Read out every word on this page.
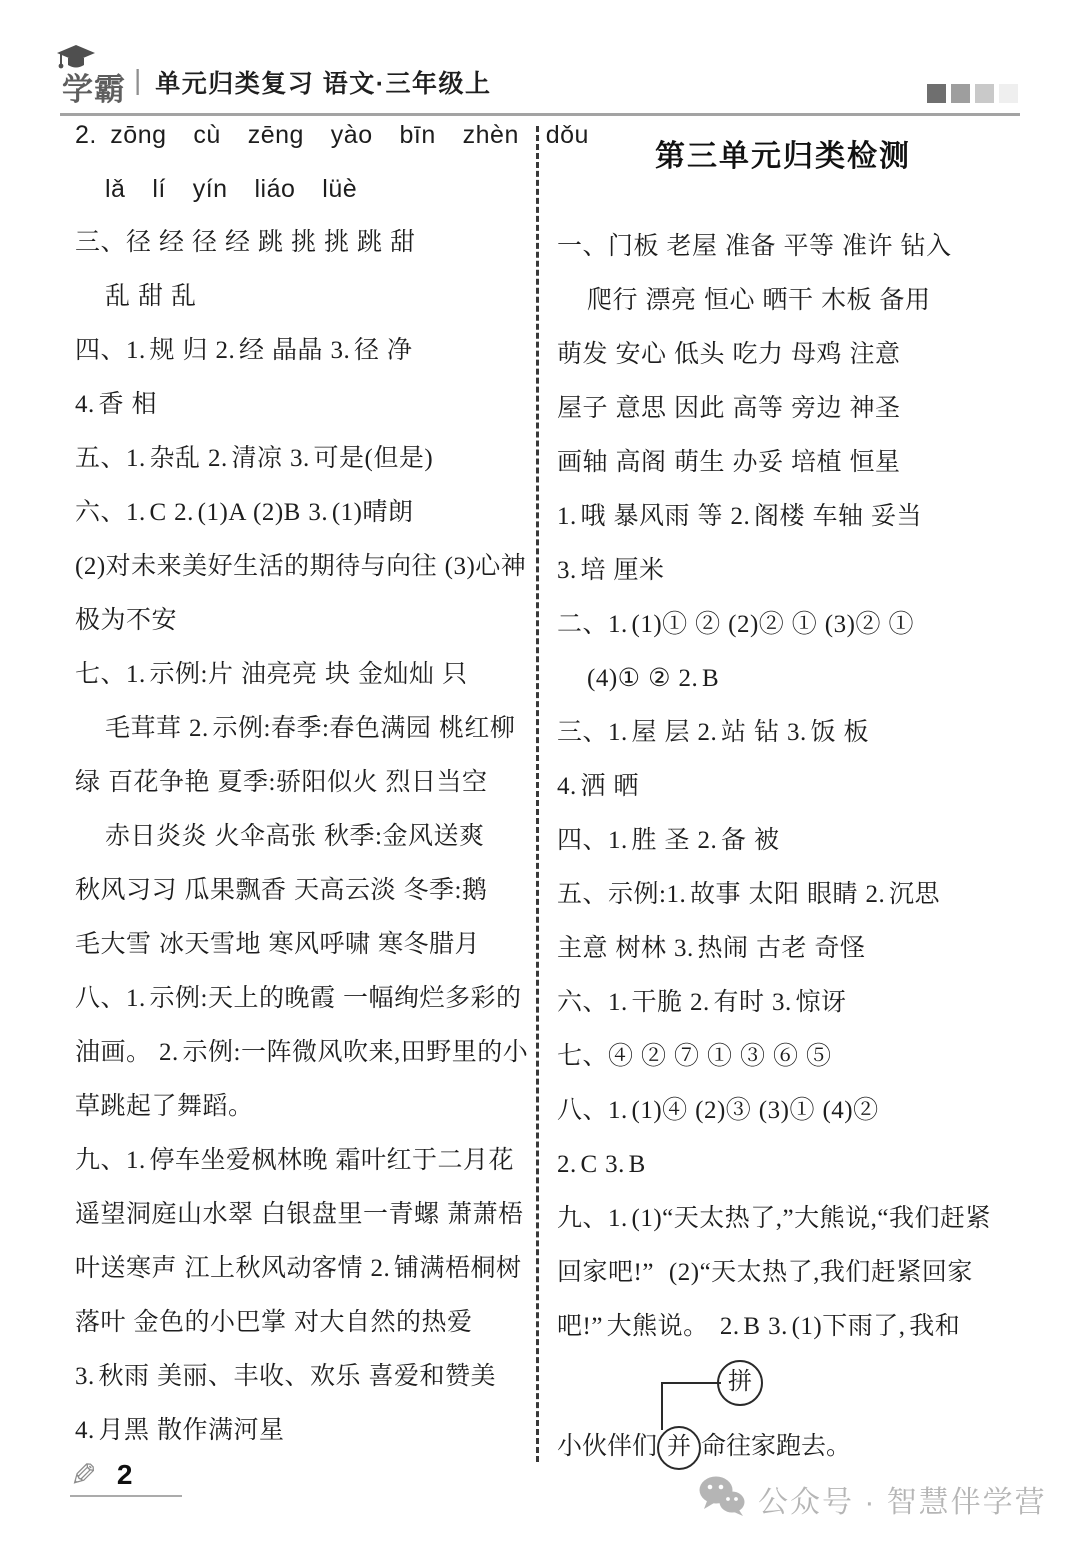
学霸 | 单元归类复习 语文·三年级上
2. zōng  cù  zēng  yào  bīn  zhèn  dǒu
lǎ  lí  yín  liáo  lüè
三、径  经  径  经  跳  挑  挑  跳  甜
乱  甜  乱
四、1. 规  归  2. 经  晶晶  3. 径  净
4. 香  相
五、1. 杂乱  2. 清凉  3. 可是(但是)
六、1. C  2. (1)A  (2)B  3. (1)晴朗
(2)对未来美好生活的期待与向往  (3)心神
极为不安
七、1. 示例:片  油亮亮  块  金灿灿  只
毛茸茸  2. 示例:春季:春色满园  桃红柳
绿  百花争艳  夏季:骄阳似火  烈日当空
赤日炎炎  火伞高张  秋季:金风送爽
秋风习习  瓜果飘香  天高云淡  冬季:鹅
毛大雪  冰天雪地  寒风呼啸  寒冬腊月
八、1. 示例:天上的晚霞  一幅绚烂多彩的
油画。  2. 示例:一阵微风吹来,田野里的小
草跳起了舞蹈。
九、1. 停车坐爱枫林晚  霜叶红于二月花
遥望洞庭山水翠  白银盘里一青螺  萧萧梧
叶送寒声  江上秋风动客情  2. 铺满梧桐树
落叶  金色的小巴掌  对大自然的热爱
3. 秋雨  美丽、丰收、欢乐  喜爱和赞美
4. 月黑  散作满河星
第三单元归类检测
一、门板  老屋  准备  平等  准许  钻入
爬行  漂亮  恒心  晒干  木板  备用
萌发  安心  低头  吃力  母鸡  注意
屋子  意思  因此  高等  旁边  神圣
画轴  高阁  萌生  办妥  培植  恒星
1. 哦  暴风雨  等  2. 阁楼  车轴  妥当
3. 培  厘米
二、1. (1)①  ②  (2)②  ①  (3)②  ①
(4)①  ②  2. B
三、1. 屋  层  2. 站  钻  3. 饭  板
4. 洒  晒
四、1. 胜  圣  2. 备  被
五、示例:1. 故事  太阳  眼睛  2. 沉思
主意  树林  3. 热闹  古老  奇怪
六、1. 干脆  2. 有时  3. 惊讶
七、④  ②  ⑦  ①  ③  ⑥  ⑤
八、1. (1)④  (2)③  (3)①  (4)②
2. C  3. B
九、1. (1)“天太热了,”大熊说,“我们赶紧
回家吧!”    (2)“天太热了,我们赶紧回家
吧!” 大熊说。   2. B  3. (1)下雨了, 我和
拼
小伙伴们 并 命往家跑去。
✎ 2
公众号 · 智慧伴学营
